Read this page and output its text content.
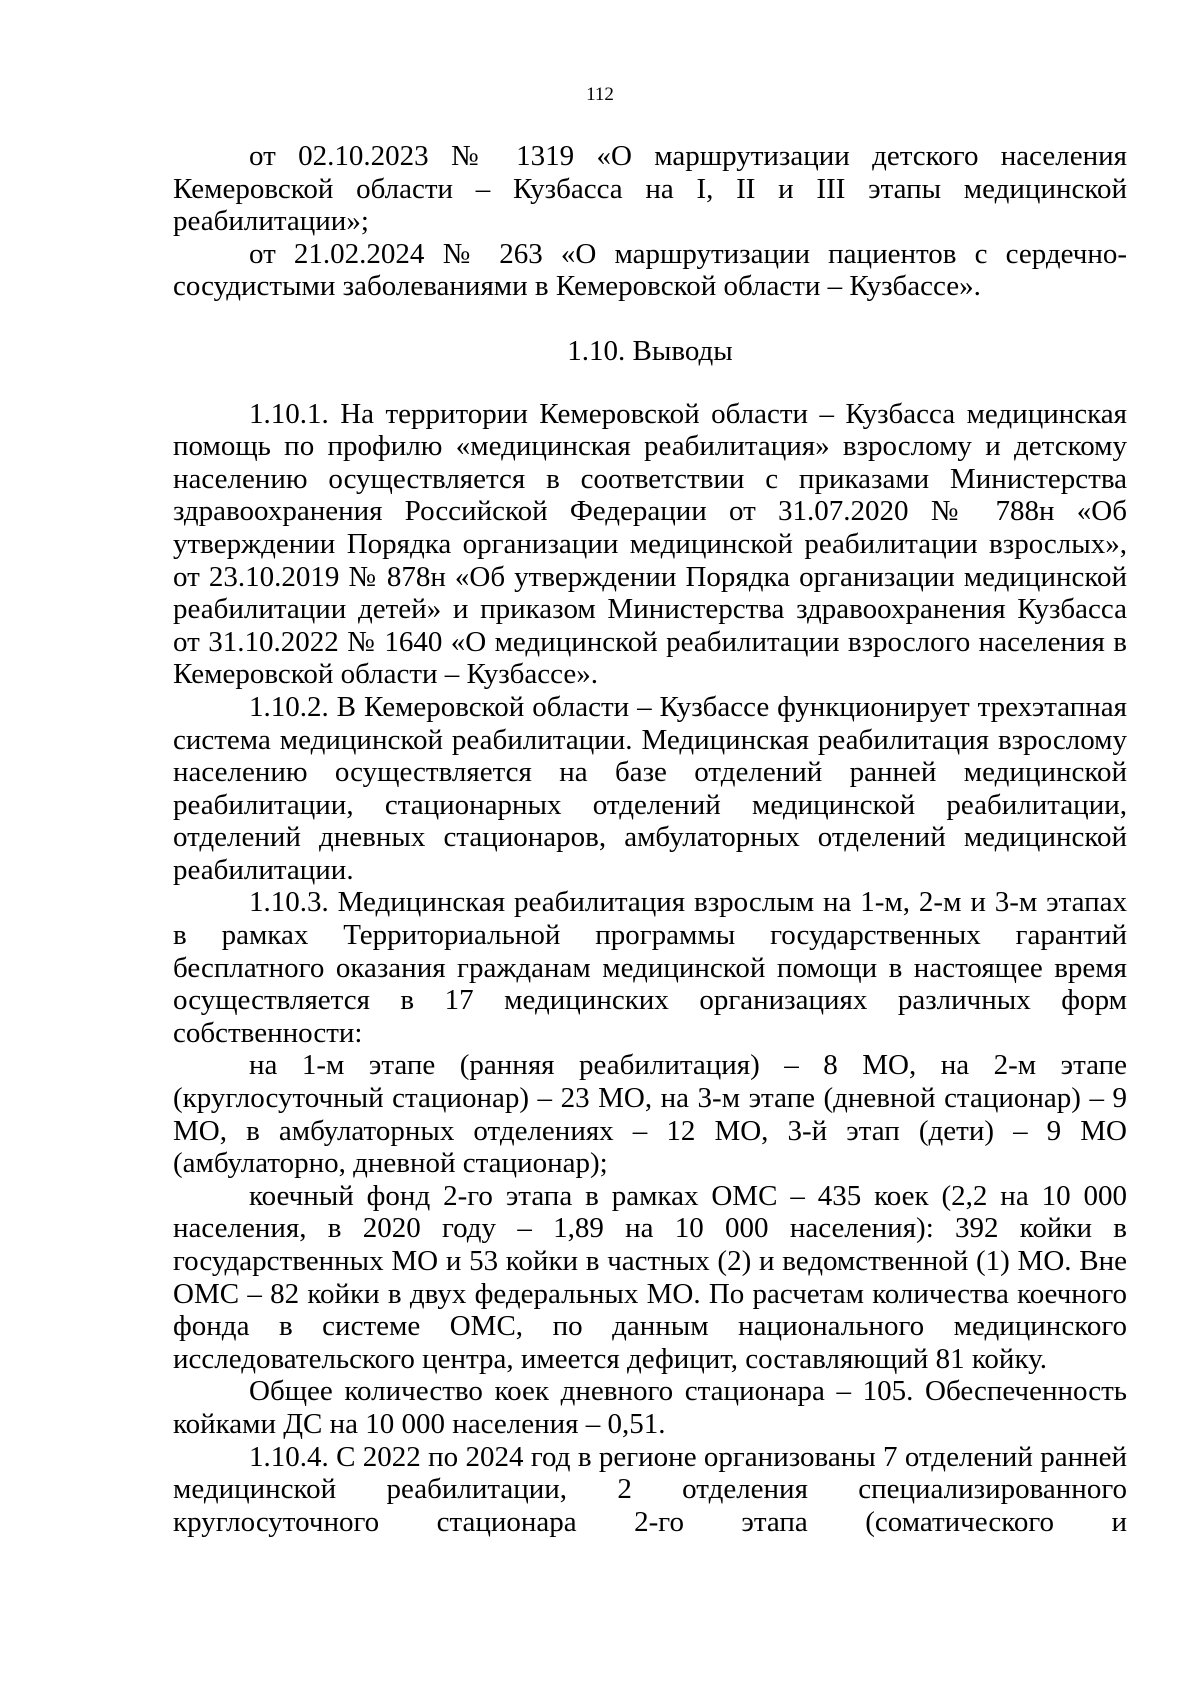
112

от 02.10.2023 № 1319 «О маршрутизации детского населения Кемеровской области – Кузбасса на I, II и III этапы медицинской реабилитации»;

от 21.02.2024 № 263 «О маршрутизации пациентов с сердечно-сосудистыми заболеваниями в Кемеровской области – Кузбассе».

1.10. Выводы

1.10.1. На территории Кемеровской области – Кузбасса медицинская помощь по профилю «медицинская реабилитация» взрослому и детскому населению осуществляется в соответствии с приказами Министерства здравоохранения Российской Федерации от 31.07.2020 № 788н «Об утверждении Порядка организации медицинской реабилитации взрослых», от 23.10.2019 № 878н «Об утверждении Порядка организации медицинской реабилитации детей» и приказом Министерства здравоохранения Кузбасса от 31.10.2022 № 1640 «О медицинской реабилитации взрослого населения в Кемеровской области – Кузбассе».

1.10.2. В Кемеровской области – Кузбассе функционирует трехэтапная система медицинской реабилитации. Медицинская реабилитация взрослому населению осуществляется на базе отделений ранней медицинской реабилитации, стационарных отделений медицинской реабилитации, отделений дневных стационаров, амбулаторных отделений медицинской реабилитации.

1.10.3. Медицинская реабилитация взрослым на 1-м, 2-м и 3-м этапах в рамках Территориальной программы государственных гарантий бесплатного оказания гражданам медицинской помощи в настоящее время осуществляется в 17 медицинских организациях различных форм собственности:

на 1-м этапе (ранняя реабилитация) – 8 МО, на 2-м этапе (круглосуточный стационар) – 23 МО, на 3-м этапе (дневной стационар) – 9 МО, в амбулаторных отделениях – 12 МО, 3-й этап (дети) – 9 МО (амбулаторно, дневной стационар);

коечный фонд 2-го этапа в рамках ОМС – 435 коек (2,2 на 10 000 населения, в 2020 году – 1,89 на 10 000 населения): 392 койки в государственных МО и 53 койки в частных (2) и ведомственной (1) МО. Вне ОМС – 82 койки в двух федеральных МО. По расчетам количества коечного фонда в системе ОМС, по данным национального медицинского исследовательского центра, имеется дефицит, составляющий 81 койку.

Общее количество коек дневного стационара – 105. Обеспеченность койками ДС на 10 000 населения – 0,51.

1.10.4. С 2022 по 2024 год в регионе организованы 7 отделений ранней медицинской реабилитации, 2 отделения специализированного круглосуточного стационара 2-го этапа (соматического и
